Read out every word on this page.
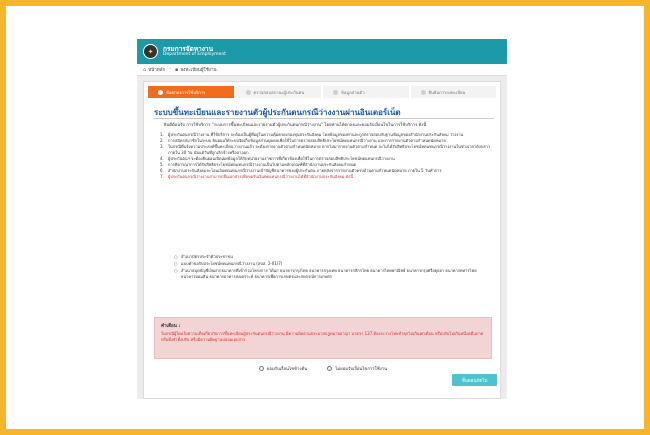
✦	กรมการจัดหางาน
Department of Employment
⌂ หน้าหลัก › ▪ ลงทะเบียนผู้ใช้งาน
ข้อตกลงการใช้บริการ	ตรวจสอบสถานะผู้ประกันตน	ข้อมูลส่วนตัว	ยืนยันการลงทะเบียน
ระบบขึ้นทะเบียนและรายงานตัวผู้ประกันตนกรณีว่างงานผ่านอินเตอร์เน็ต
ยินดีต้อนรับ การใช้บริการ "ระบบการขึ้นทะเบียนและรายงานตัวผู้ประกันตนกรณีว่างงาน" โดยท่านได้ตกลงและยอมรับเงื่อนไขในการใช้บริการ ดังนี้
1.	ผู้ประกันตนกรณีว่างงาน ที่ใช้บริการ จะต้องเป็นผู้ที่อยู่ในความคุ้มครองกองทุนประกันสังคม โดยข้อมูลของท่านจะถูกตรวจสอบกับฐานข้อมูลของสำนักงานประกันสังคม ว่างงาน
2.	การสมัครสมาชิกในระบบ ยินยอมให้ระบบจัดเก็บข้อมูลส่วนบุคคลเพื่อใช้ในการตรวจสอบสิทธิประโยชน์ทดแทนกรณีว่างงาน และการรายงานตัวตามกำหนดนัดหมาย
3.	ในกรณีที่แจ้งความประสงค์ขึ้นทะเบียนว่างงานแล้ว จะต้องรายงานตัวตามกำหนดนัดหมาย หากไม่มารายงานตัวตามกำหนด จะไม่ได้รับสิทธิประโยชน์ทดแทนกรณีว่างงานในช่วงเวลาดังกล่าว ภายใน 30 วัน นับแต่วันที่ถูกเลิกจ้างหรือลาออก
4.	ผู้ประกันตนฯ จะต้องยินยอมเปิดเผยข้อมูลให้กับหน่วยงานราชการที่เกี่ยวข้องเพื่อใช้ในการตรวจสอบสิทธิประโยชน์ทดแทนกรณีว่างงาน
5.	การพิจารณาการได้รับสิทธิประโยชน์ทดแทนกรณีว่างงานเป็นไปตามหลักเกณฑ์ที่สำนักงานประกันสังคมกำหนด
6.	สำนักงานประกันสังคมจะโอนเงินทดแทนกรณีว่างงานเข้าบัญชีธนาคารของผู้ประกันตน ภายหลังจากรายงานตัวครบถ้วนตามกำหนดนัดหมาย ภายใน 5 วันทำการ
7.	ผู้ประกันตนกรณีว่างงานสามารถยื่นเอกสารเพื่อขอรับเงินทดแทนกรณีว่างงานได้ที่สำนักงานประกันสังคม ดังนี้
○ สำเนาบัตรประจำตัวประชาชน
○ แบบคำขอรับประโยชน์ทดแทนกรณีว่างงาน (สปส. 2-01/7)
○ สำเนาสมุดบัญชีเงินฝากธนาคารที่เข้าร่วมโครงการ ได้แก่ ธนาคารกรุงไทย ธนาคารกรุงเทพ ธนาคารกสิกรไทย ธนาคารไทยพาณิชย์ ธนาคารกรุงศรีอยุธยา ธนาคารทหารไทย ธนาคารออมสิน ธนาคารอาคารสงเคราะห์ ธนาคารเพื่อการเกษตรและสหกรณ์การเกษตร
คำเตือน :
ในกรณีผู้ใดแจ้งความเท็จเกี่ยวกับการขึ้นทะเบียนผู้ประกันตนกรณีว่างงาน มีความผิดตามประมวลกฎหมายอาญา มาตรา 137 ต้องระวางโทษจำคุกไม่เกินหกเดือน หรือปรับไม่เกินหนึ่งหมื่นบาท หรือทั้งจำทั้งปรับ หรือมีความผิดฐานปลอมเอกสาร
ยอมรับเงื่อนไขข้างต้น	ไม่ยอมรับเงื่อนไขการใช้งาน
ขั้นตอนถัดไป
